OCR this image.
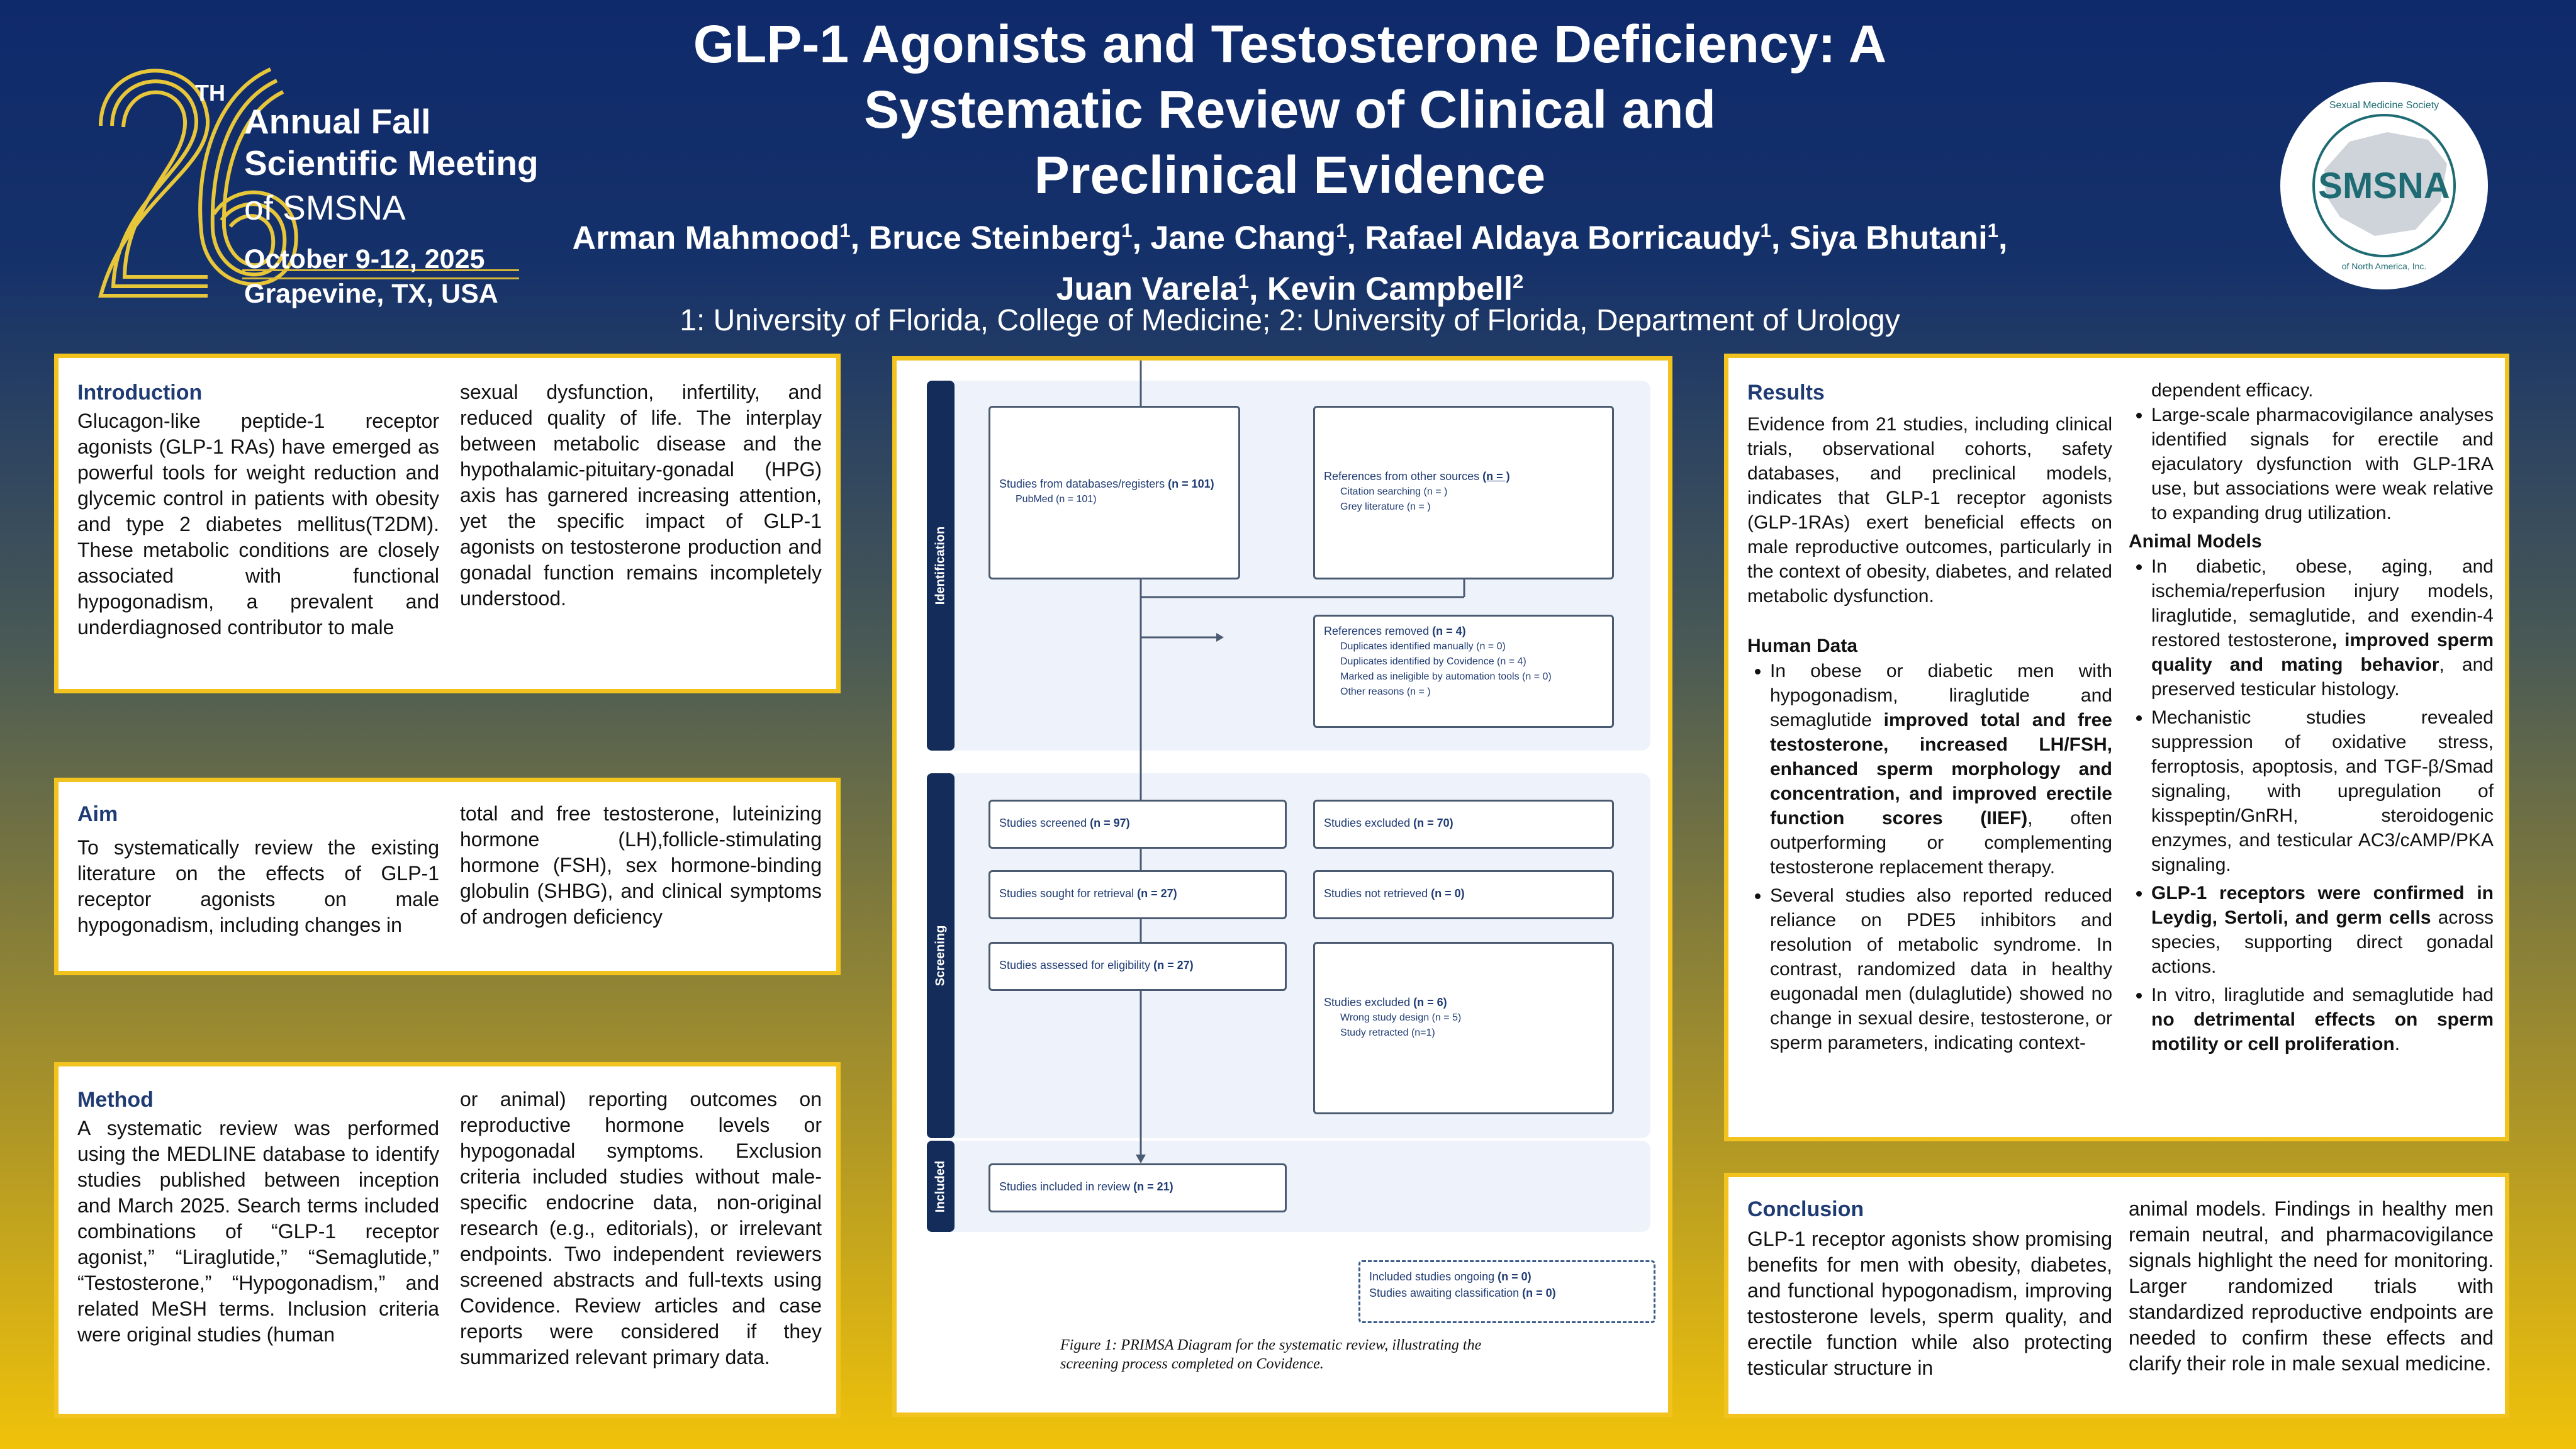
GLP-1 Agonists and Testosterone Deficiency: A
Systematic Review of Clinical and
Preclinical Evidence
Arman Mahmood$^1$, Bruce Steinberg$^1$, Jane Chang$^1$, Rafael Aldaya Borricaudy$^1$, Siya Bhutani$^1$,
Juan Varela$^1$, Kevin Campbell$^2$
1: University of Florida, College of Medicine; 2: University of Florida, Department of Urology
TH
Annual Fall
Scientific Meeting
of SMSNA
October 9-12, 2025
Grapevine, TX, USA
SMSNA
Sexual Medicine Society
of North America, Inc.
Introduction
Glucagon-like peptide-1 receptor agonists (GLP-1 RAs) have emerged as powerful tools for weight reduction and glycemic control in patients with obesity and type 2 diabetes mellitus(T2DM). These metabolic conditions are closely associated with functional hypogonadism, a prevalent and underdiagnosed contributor to male
sexual dysfunction, infertility, and reduced quality of life. The interplay between metabolic disease and the hypothalamic-pituitary-gonadal (HPG) axis has garnered increasing attention, yet the specific impact of GLP-1 agonists on testosterone production and gonadal function remains incompletely understood.
Aim
To systematically review the existing literature on the effects of GLP-1 receptor agonists on male hypogonadism, including changes in
total and free testosterone, luteinizing hormone (LH),follicle-stimulating hormone (FSH), sex hormone-binding globulin (SHBG), and clinical symptoms of androgen deficiency
Method
A systematic review was performed using the MEDLINE database to identify studies published between inception and March 2025. Search terms included combinations of “GLP-1 receptor agonist,” “Liraglutide,” “Semaglutide,” “Testosterone,” “Hypogonadism,” and related MeSH terms. Inclusion criteria were original studies (human
or animal) reporting outcomes on reproductive hormone levels or hypogonadal symptoms. Exclusion criteria included studies without male-specific endocrine data, non-original research (e.g., editorials), or irrelevant endpoints. Two independent reviewers screened abstracts and full-texts using Covidence. Review articles and case reports were considered if they summarized relevant primary data.
Identification
Screening
Included
Studies from databases/registers (n = 101)
PubMed (n = 101)
References from other sources (n = )
Citation searching (n = )
Grey literature (n = )
References removed (n = 4)
Duplicates identified manually (n = 0)
Duplicates identified by Covidence (n = 4)
Marked as ineligible by automation tools (n = 0)
Other reasons (n = )
Studies screened (n = 97)	Studies excluded (n = 70)
Studies sought for retrieval (n = 27)	Studies not retrieved (n = 0)
Studies assessed for eligibility (n = 27)
Studies excluded (n = 6)
Wrong study design (n = 5)
Study retracted (n=1)
Studies included in review (n = 21)
Included studies ongoing (n = 0)
Studies awaiting classification (n = 0)
Figure 1: PRIMSA Diagram for the systematic review, illustrating the screening process completed on Covidence.
Results
Evidence from 21 studies, including clinical trials, observational cohorts, safety databases, and preclinical models, indicates that GLP-1 receptor agonists (GLP-1RAs) exert beneficial effects on male reproductive outcomes, particularly in the context of obesity, diabetes, and related metabolic dysfunction.

Human Data

• In obese or diabetic men with hypogonadism, liraglutide and semaglutide improved total and free testosterone, increased LH/FSH, enhanced sperm morphology and concentration, and improved erectile function scores (IIEF), often outperforming or complementing testosterone replacement therapy.
• Several studies also reported reduced reliance on PDE5 inhibitors and resolution of metabolic syndrome. In contrast, randomized data in healthy eugonadal men (dulaglutide) showed no change in sexual desire, testosterone, or sperm parameters, indicating context-
dependent efficacy.
• Large-scale pharmacovigilance analyses identified signals for erectile and ejaculatory dysfunction with GLP-1RA use, but associations were weak relative to expanding drug utilization.

Animal Models

• In diabetic, obese, aging, and ischemia/reperfusion injury models, liraglutide, semaglutide, and exendin-4 restored testosterone, improved sperm quality and mating behavior, and preserved testicular histology.
• Mechanistic studies revealed suppression of oxidative stress, ferroptosis, apoptosis, and TGF-β/Smad signaling, with upregulation of kisspeptin/GnRH, steroidogenic enzymes, and testicular AC3/cAMP/PKA signaling.
• GLP-1 receptors were confirmed in Leydig, Sertoli, and germ cells across species, supporting direct gonadal actions.
• In vitro, liraglutide and semaglutide had no detrimental effects on sperm motility or cell proliferation.
Conclusion
GLP-1 receptor agonists show promising benefits for men with obesity, diabetes, and functional hypogonadism, improving testosterone levels, sperm quality, and erectile function while also protecting testicular structure in
animal models. Findings in healthy men remain neutral, and pharmacovigilance signals highlight the need for monitoring. Larger randomized trials with standardized reproductive endpoints are needed to confirm these effects and clarify their role in male sexual medicine.
